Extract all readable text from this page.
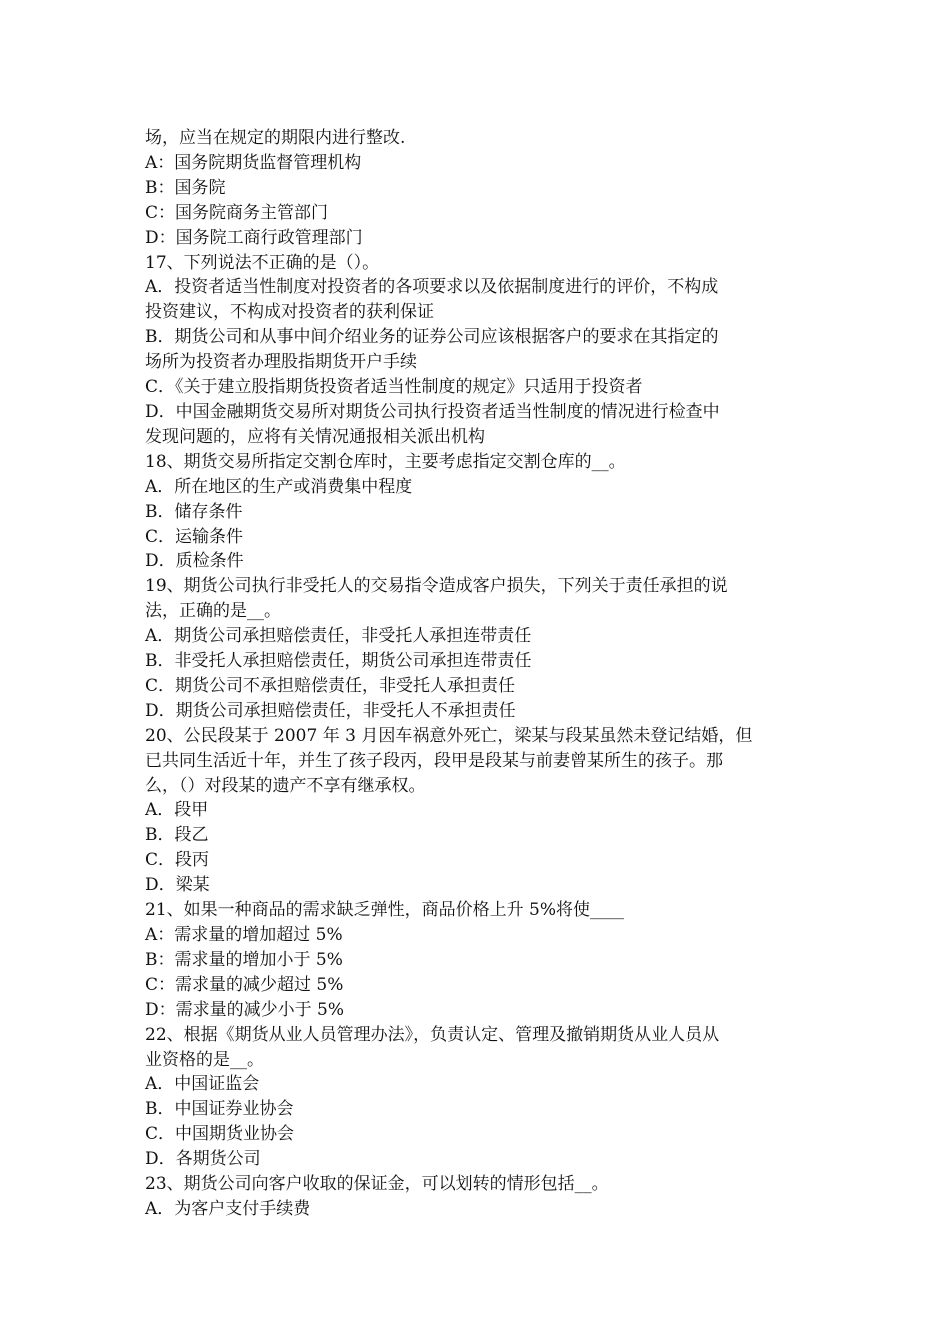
场，应当在规定的期限内进行整改.
A：国务院期货监督管理机构
B：国务院
C：国务院商务主管部门
D：国务院工商行政管理部门
17、下列说法不正确的是（）。
A．投资者适当性制度对投资者的各项要求以及依据制度进行的评价，不构成
投资建议，不构成对投资者的获利保证
B．期货公司和从事中间介绍业务的证券公司应该根据客户的要求在其指定的
场所为投资者办理股指期货开户手续
C．《关于建立股指期货投资者适当性制度的规定》只适用于投资者
D．中国金融期货交易所对期货公司执行投资者适当性制度的情况进行检查中
发现问题的，应将有关情况通报相关派出机构
18、期货交易所指定交割仓库时，主要考虑指定交割仓库的__。
A．所在地区的生产或消费集中程度
B．储存条件
C．运输条件
D．质检条件
19、期货公司执行非受托人的交易指令造成客户损失，下列关于责任承担的说
法，正确的是__。
A．期货公司承担赔偿责任，非受托人承担连带责任
B．非受托人承担赔偿责任，期货公司承担连带责任
C．期货公司不承担赔偿责任，非受托人承担责任
D．期货公司承担赔偿责任，非受托人不承担责任
20、公民段某于 2007 年 3 月因车祸意外死亡，梁某与段某虽然未登记结婚，但
已共同生活近十年，并生了孩子段丙，段甲是段某与前妻曾某所生的孩子。那
么，（）对段某的遗产不享有继承权。
A．段甲
B．段乙
C．段丙
D．梁某
21、如果一种商品的需求缺乏弹性，商品价格上升 5%将使____
A：需求量的增加超过 5%
B：需求量的增加小于 5%
C：需求量的减少超过 5%
D：需求量的减少小于 5%
22、根据《期货从业人员管理办法》，负责认定、管理及撤销期货从业人员从
业资格的是__。
A．中国证监会
B．中国证券业协会
C．中国期货业协会
D．各期货公司
23、期货公司向客户收取的保证金，可以划转的情形包括__。
A．为客户支付手续费
